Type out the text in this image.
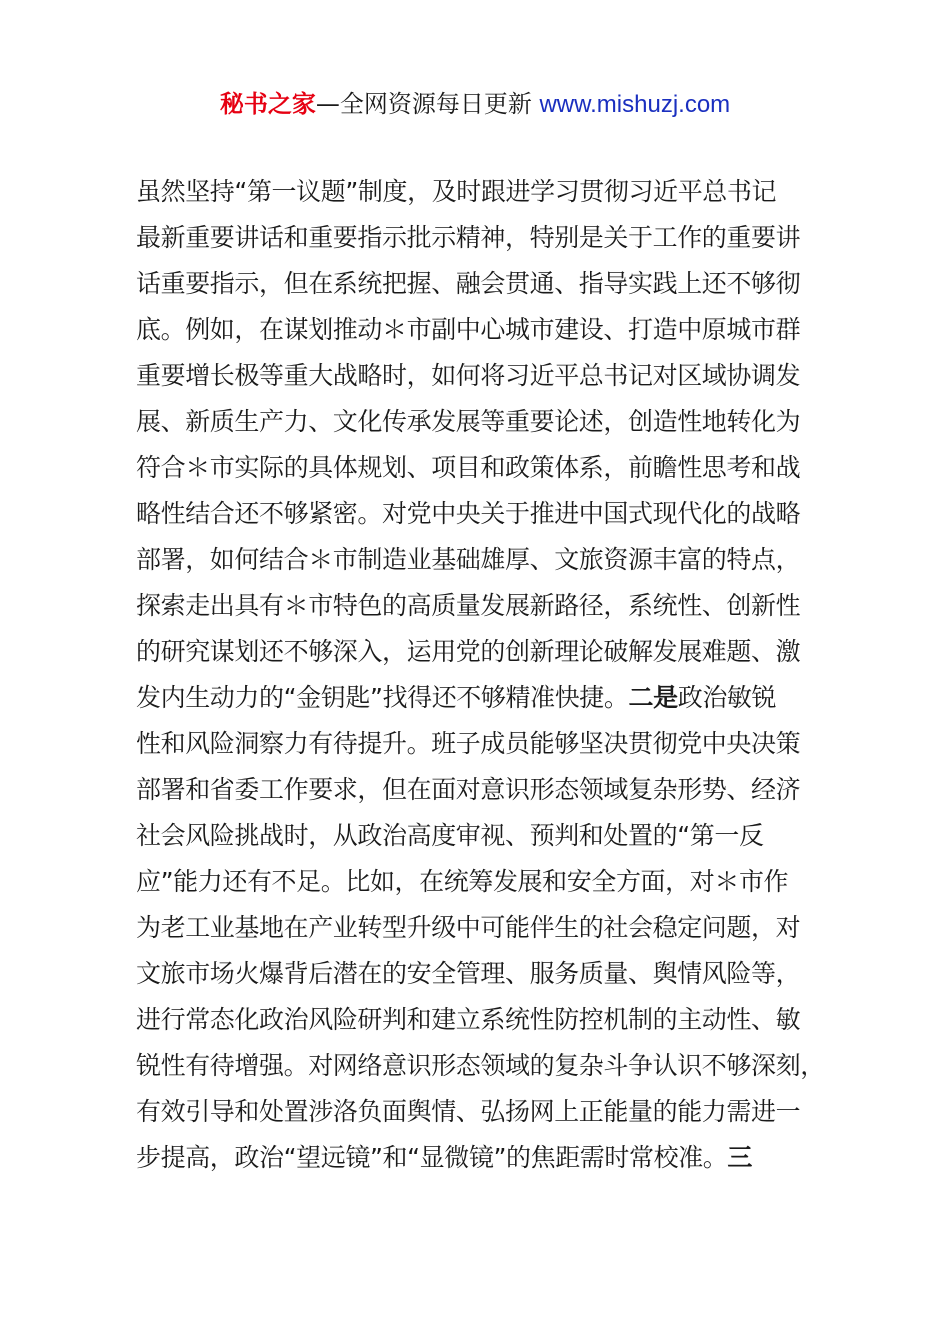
秘书之家—全网资源每日更新 www.mishuzj.com
虽然坚持“第一议题”制度，及时跟进学习贯彻习近平总书记
最新重要讲话和重要指示批示精神，特别是关于工作的重要讲
话重要指示，但在系统把握、融会贯通、指导实践上还不够彻
底。例如，在谋划推动＊市副中心城市建设、打造中原城市群
重要增长极等重大战略时，如何将习近平总书记对区域协调发
展、新质生产力、文化传承发展等重要论述，创造性地转化为
符合＊市实际的具体规划、项目和政策体系，前瞻性思考和战
略性结合还不够紧密。对党中央关于推进中国式现代化的战略
部署，如何结合＊市制造业基础雄厚、文旅资源丰富的特点，
探索走出具有＊市特色的高质量发展新路径，系统性、创新性
的研究谋划还不够深入，运用党的创新理论破解发展难题、激
发内生动力的“金钥匙”找得还不够精准快捷。二是政治敏锐
性和风险洞察力有待提升。班子成员能够坚决贯彻党中央决策
部署和省委工作要求，但在面对意识形态领域复杂形势、经济
社会风险挑战时，从政治高度审视、预判和处置的“第一反
应”能力还有不足。比如，在统筹发展和安全方面，对＊市作
为老工业基地在产业转型升级中可能伴生的社会稳定问题，对
文旅市场火爆背后潜在的安全管理、服务质量、舆情风险等，
进行常态化政治风险研判和建立系统性防控机制的主动性、敏
锐性有待增强。对网络意识形态领域的复杂斗争认识不够深刻，
有效引导和处置涉洛负面舆情、弘扬网上正能量的能力需进一
步提高，政治“望远镜”和“显微镜”的焦距需时常校准。三
